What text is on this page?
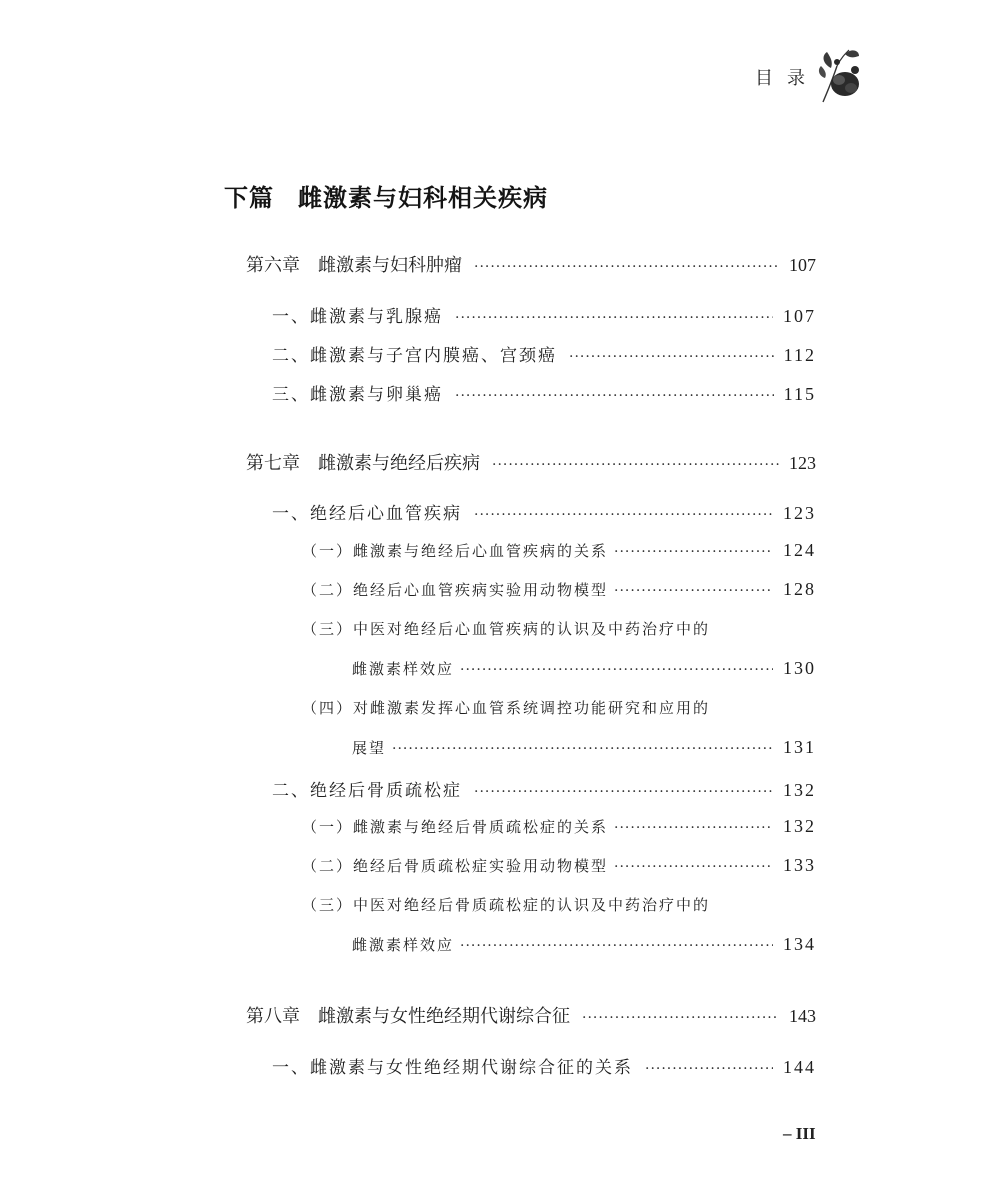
目录
下篇 雌激素与妇科相关疾病
第六章 雌激素与妇科肿瘤 ·····	107
一、雌激素与乳腺癌 ·····	107
二、雌激素与子宫内膜癌、宫颈癌 ·····	112
三、雌激素与卵巢癌 ·····	115
第七章 雌激素与绝经后疾病 ·····	123
一、绝经后心血管疾病 ·····	123
（一）雌激素与绝经后心血管疾病的关系 ·····	124
（二）绝经后心血管疾病实验用动物模型 ·····	128
（三）中医对绝经后心血管疾病的认识及中药治疗中的
雌激素样效应 ·····	130
（四）对雌激素发挥心血管系统调控功能研究和应用的
展望 ·····	131
二、绝经后骨质疏松症 ·····	132
（一）雌激素与绝经后骨质疏松症的关系 ·····	132
（二）绝经后骨质疏松症实验用动物模型 ·····	133
（三）中医对绝经后骨质疏松症的认识及中药治疗中的
雌激素样效应 ·····	134
第八章 雌激素与女性绝经期代谢综合征 ·····	143
一、雌激素与女性绝经期代谢综合征的关系 ·····	144
– III
